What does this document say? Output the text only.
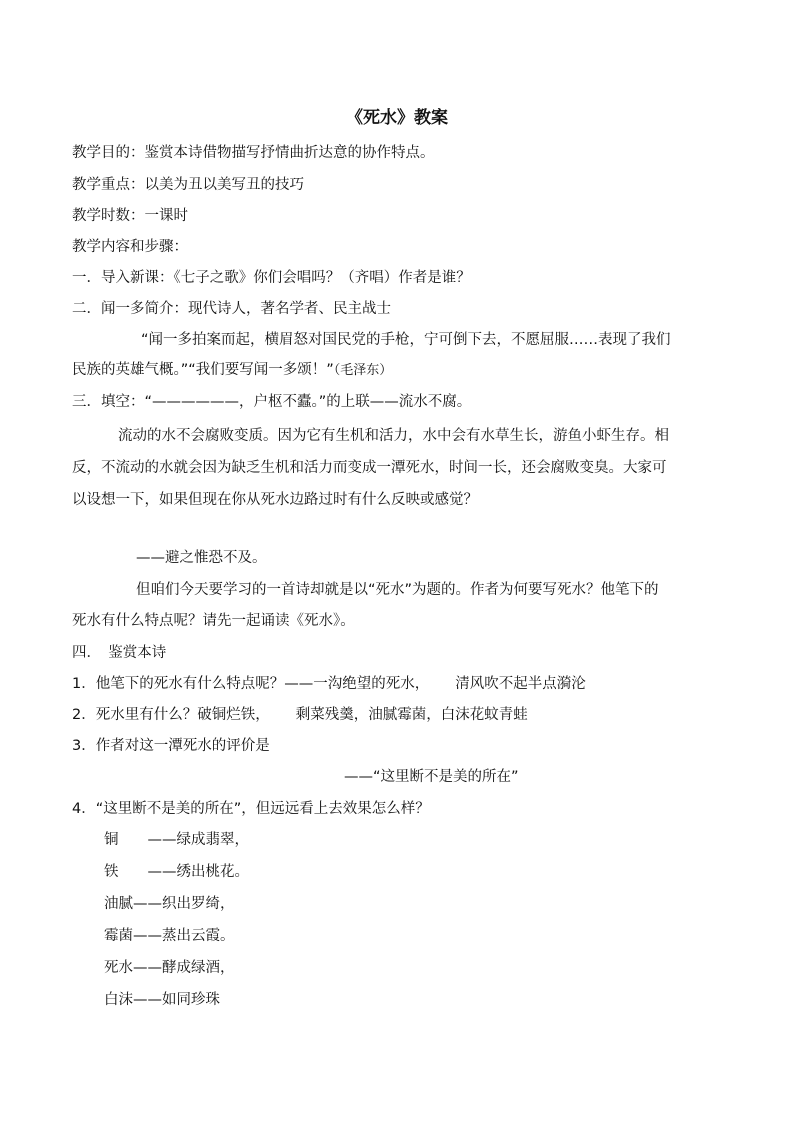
《死水》教案
教学目的：鉴赏本诗借物描写抒情曲折达意的协作特点。
教学重点：以美为丑以美写丑的技巧
教学时数：一课时
教学内容和步骤：
一．导入新课：《七子之歌》你们会唱吗？（齐唱）作者是谁？
二．闻一多简介：现代诗人，著名学者、民主战士
“闻一多拍案而起，横眉怒对国民党的手枪，宁可倒下去，不愿屈服……表现了我们
民族的英雄气概。”“我们要写闻一多颂！”（毛泽东）
三．填空：“——————，户枢不蠹。”的上联——流水不腐。
流动的水不会腐败变质。因为它有生机和活力，水中会有水草生长，游鱼小虾生存。相
反，不流动的水就会因为缺乏生机和活力而变成一潭死水，时间一长，还会腐败变臭。大家可
以设想一下，如果但现在你从死水边路过时有什么反映或感觉？
——避之惟恐不及。
但咱们今天要学习的一首诗却就是以“死水”为题的。作者为何要写死水？他笔下的
死水有什么特点呢？请先一起诵读《死水》。
四．　鉴赏本诗
1．他笔下的死水有什么特点呢？——一沟绝望的死水， 清风吹不起半点漪沦
2．死水里有什么？破铜烂铁， 剩菜残羹，油腻霉菌，白沫花蚊青蛙
3．作者对这一潭死水的评价是
——“这里断不是美的所在”
4．“这里断不是美的所在”，但远远看上去效果怎么样？
铜　　——绿成翡翠，
铁　　——绣出桃花。
油腻——织出罗绮，
霉菌——蒸出云霞。
死水——酵成绿酒，
白沫——如同珍珠
